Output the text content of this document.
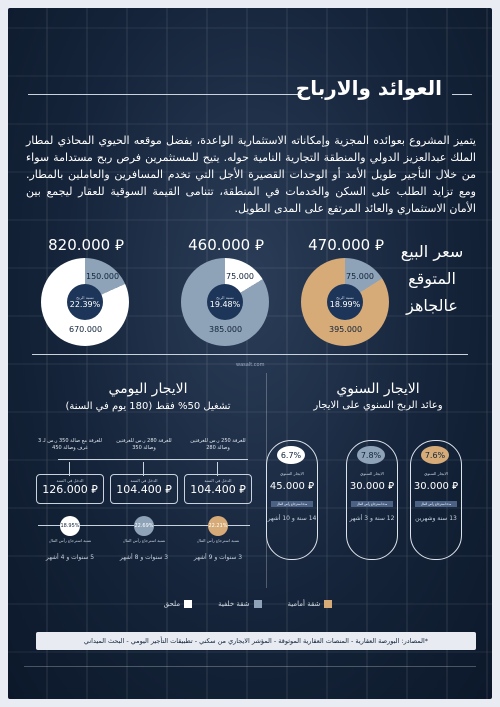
العوائد والارباح
يتميز المشروع بعوائده المجزية وإمكاناته الاستثمارية الواعدة، بفضل موقعه الحيوي المحاذي لمطار الملك عبدالعزيز الدولي والمنطقة التجارية النامية حوله. يتيح للمستثمرين فرص ربح مستدامة سواء من خلال التأجير طويل الأمد أو الوحدات القصيرة الأجل التي تخدم المسافرين والعاملين بالمطار. ومع تزايد الطلب على السكن والخدمات في المنطقة، تتنامى القيمة السوقية للعقار ليجمع بين الأمان الاستثماري والعائد المرتفع على المدى الطويل.
⃁ 820.000
150.000
670.000
نسبة الربح
22.39%
⃁ 460.000
75.000
385.000
نسبة الربح
19.48%
⃁ 470.000
75.000
395.000
نسبة الربح
18.99%
سعر البيع المتوقع عالجاهز
wasalt.com
الايجار اليومي
تشغيل 50% فقط (180 يوم في السنة)
للغرفة مع صالة 350 ر.س لـ 3 غرف وصالة 450
الدخل في السنة
⃁ 126.000
18.95%
نسبة استرجاع رأس المال
5 سنوات و 4 أشهر
للغرفة 280 ر.س للغرفتين وصالة 350
الدخل في السنة
⃁ 104.400
22.69%
نسبة استرجاع رأس المال
3 سنوات و 8 أشهر
للغرفة 250 ر.س للغرفتين وصالة 280
الدخل في السنة
⃁ 104.400
22.21%
نسبة استرجاع رأس المال
3 سنوات و 9 أشهر
الايجار السنوي
وعائد الربح السنوي على الايجار
6.7%
الايجار السنوي
⃁ 45.000
مدة استرجاع رأس المال
14 سنة و 10 أشهر
7.8%
الايجار السنوي
⃁ 30.000
مدة استرجاع رأس المال
12 سنة و 3 أشهر
7.6%
الايجار السنوي
⃁ 30.000
مدة استرجاع رأس المال
13 سنة وشهرين
شقة أمامية
شقة خلفية
ملحق
*المصادر: البورصة العقارية - المنصات العقارية الموثوقة - المؤشر الايجاري من سكني - تطبيقات التأجير اليومي - البحث الميداني
